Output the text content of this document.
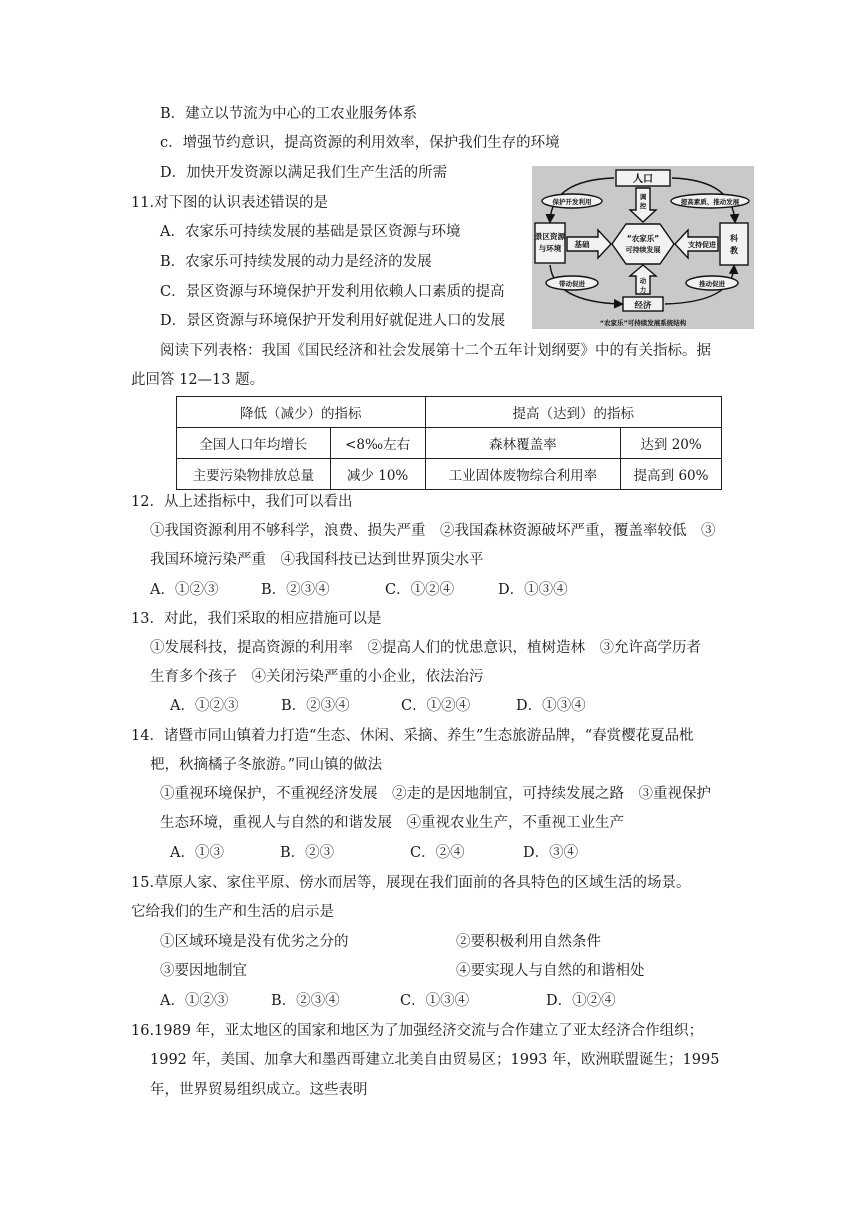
B．建立以节流为中心的工农业服务体系
c．增强节约意识，提高资源的利用效率，保护我们生存的环境
D．加快开发资源以满足我们生产生活的所需
11.对下图的认识表述错误的是
A．农家乐可持续发展的基础是景区资源与环境
B．农家乐可持续发展的动力是经济的发展
C．景区资源与环境保护开发利用依赖人口素质的提高
D．景区资源与环境保护开发利用好就促进人口的发展
人口
景区资源
与环境
科
教
“农家乐”
可持续发展
经济
调
控
动
力
基础	支持促进
保护开发利用	提高素质、推动发展
带动促进	推动促进
“农家乐”可持续发展系统结构
阅读下列表格：我国《国民经济和社会发展第十二个五年计划纲要》中的有关指标。据
此回答 12—13 题。
降低（减少）的指标		提高（达到）的指标	
全国人口年均增长	<8‰左右	森林覆盖率	达到 20%
主要污染物排放总量	减少 10%	工业固体废物综合利用率	提高到 60%
12．从上述指标中，我们可以看出
①我国资源利用不够科学，浪费、损失严重　②我国森林资源破坏严重，覆盖率较低　③
我国环境污染严重　④我国科技已达到世界顶尖水平
A．①②③	B．②③④	C．①②④	D．①③④
13．对此，我们采取的相应措施可以是
①发展科技，提高资源的利用率　②提高人们的忧患意识，植树造林　③允许高学历者
生育多个孩子　④关闭污染严重的小企业，依法治污
A．①②③	B．②③④	C．①②④	D．①③④
14．诸暨市同山镇着力打造“生态、休闲、采摘、养生”生态旅游品牌，“春赏樱花夏品枇
杷，秋摘橘子冬旅游。”同山镇的做法
①重视环境保护，不重视经济发展　②走的是因地制宜，可持续发展之路　③重视保护
生态环境，重视人与自然的和谐发展　④重视农业生产，不重视工业生产
A．①③	B．②③	C．②④	D．③④
15.草原人家、家住平原、傍水而居等，展现在我们面前的各具特色的区域生活的场景。
它给我们的生产和生活的启示是
①区域环境是没有优劣之分的	②要积极利用自然条件
③要因地制宜	④要实现人与自然的和谐相处
A．①②③	B．②③④	C．①③④	D．①②④
16.1989 年，亚太地区的国家和地区为了加强经济交流与合作建立了亚太经济合作组织；
1992 年，美国、加拿大和墨西哥建立北美自由贸易区；1993 年，欧洲联盟诞生；1995
年，世界贸易组织成立。这些表明
